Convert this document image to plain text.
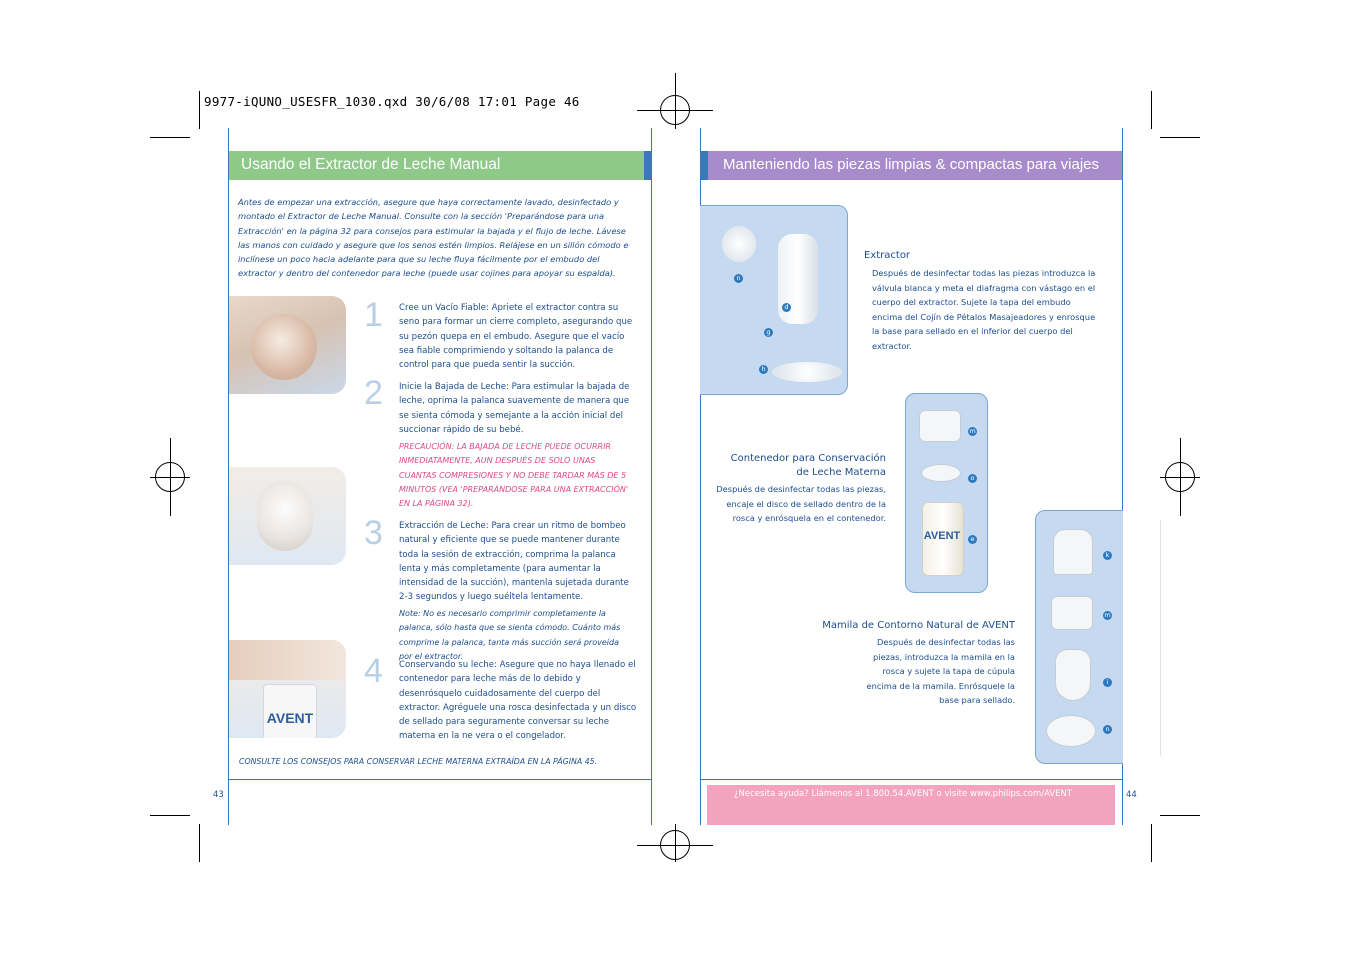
9977-iQUNO_USESFR_1030.qxd 30/6/08 17:01 Page 46
Usando el Extractor de Leche Manual
Antes de empezar una extracción, asegure que haya correctamente lavado, desinfectado y montado el Extractor de Leche Manual. Consulte con la sección 'Preparándose para una Extracción' en la página 32 para consejos para estimular la bajada y el flujo de leche. Lávese las manos con cuidado y asegure que los senos estén limpios. Relájese en un sillón cómodo e inclínese un poco hacia adelante para que su leche fluya fácilmente por el embudo del extractor y dentro del contenedor para leche (puede usar cojines para apoyar su espalda).
AVENT
1 Cree un Vacío Fiable: Apriete el extractor contra su seno para formar un cierre completo, asegurando que su pezón quepa en el embudo. Asegure que el vacío sea fiable comprimiendo y soltando la palanca de control para que pueda sentir la succión.
2 Inicie la Bajada de Leche: Para estimular la bajada de leche, oprima la palanca suavemente de manera que se sienta cómoda y semejante a la acción inicial del succionar rápido de su bebé.
PRECAUCIÓN: LA BAJADA DE LECHE PUEDE OCURRIR INMEDIATAMENTE, AUN DESPUÉS DE SOLO UNAS CUANTAS COMPRESIONES Y NO DEBE TARDAR MÁS DE 5 MINUTOS (VEA 'PREPARÁNDOSE PARA UNA EXTRACCIÓN' EN LA PÁGINA 32).
3 Extracción de Leche: Para crear un ritmo de bombeo natural y eficiente que se puede mantener durante toda la sesión de extracción, comprima la palanca lenta y más completamente (para aumentar la intensidad de la succión), mantenla sujetada durante 2-3 segundos y luego suéltela lentamente.
Note: No es necesario comprimir completamente la palanca, sólo hasta que se sienta cómodo. Cuánto más comprime la palanca, tanta más succión será proveída por el extractor.
4 Conservando su leche: Asegure que no haya llenado el contenedor para leche más de lo debido y desenrósquelo cuidadosamente del cuerpo del extractor. Agréguele una rosca desinfectada y un disco de sellado para seguramente conversar su leche materna en la ne vera o el congelador.
CONSULTE LOS CONSEJOS PARA CONSERVAR LECHE MATERNA EXTRAÍDA EN LA PÁGINA 45.
43
Manteniendo las piezas limpias & compactas para viajes
n
d
g
h
Extractor
Después de desinfectar todas las piezas introduzca la válvula blanca y meta el diafragma con vástago en el cuerpo del extractor. Sujete la tapa del embudo encima del Cojín de Pétalos Masajeadores y enrosque la base para sellado en el inferior del cuerpo del extractor.
AVENT
m
o
e
Contenedor para Conservación
de Leche Materna
Después de desinfectar todas las piezas, encaje el disco de sellado dentro de la rosca y enrósquela en el contenedor.
k
m
i
n
Mamila de Contorno Natural de AVENT
Después de desinfectar todas las piezas, introduzca la mamila en la rosca y sujete la tapa de cúpula encima de la mamila. Enrósquele la base para sellado.
¿Necesita ayuda? Llámenos al 1.800.54.AVENT o visite www.philips.com/AVENT	44
